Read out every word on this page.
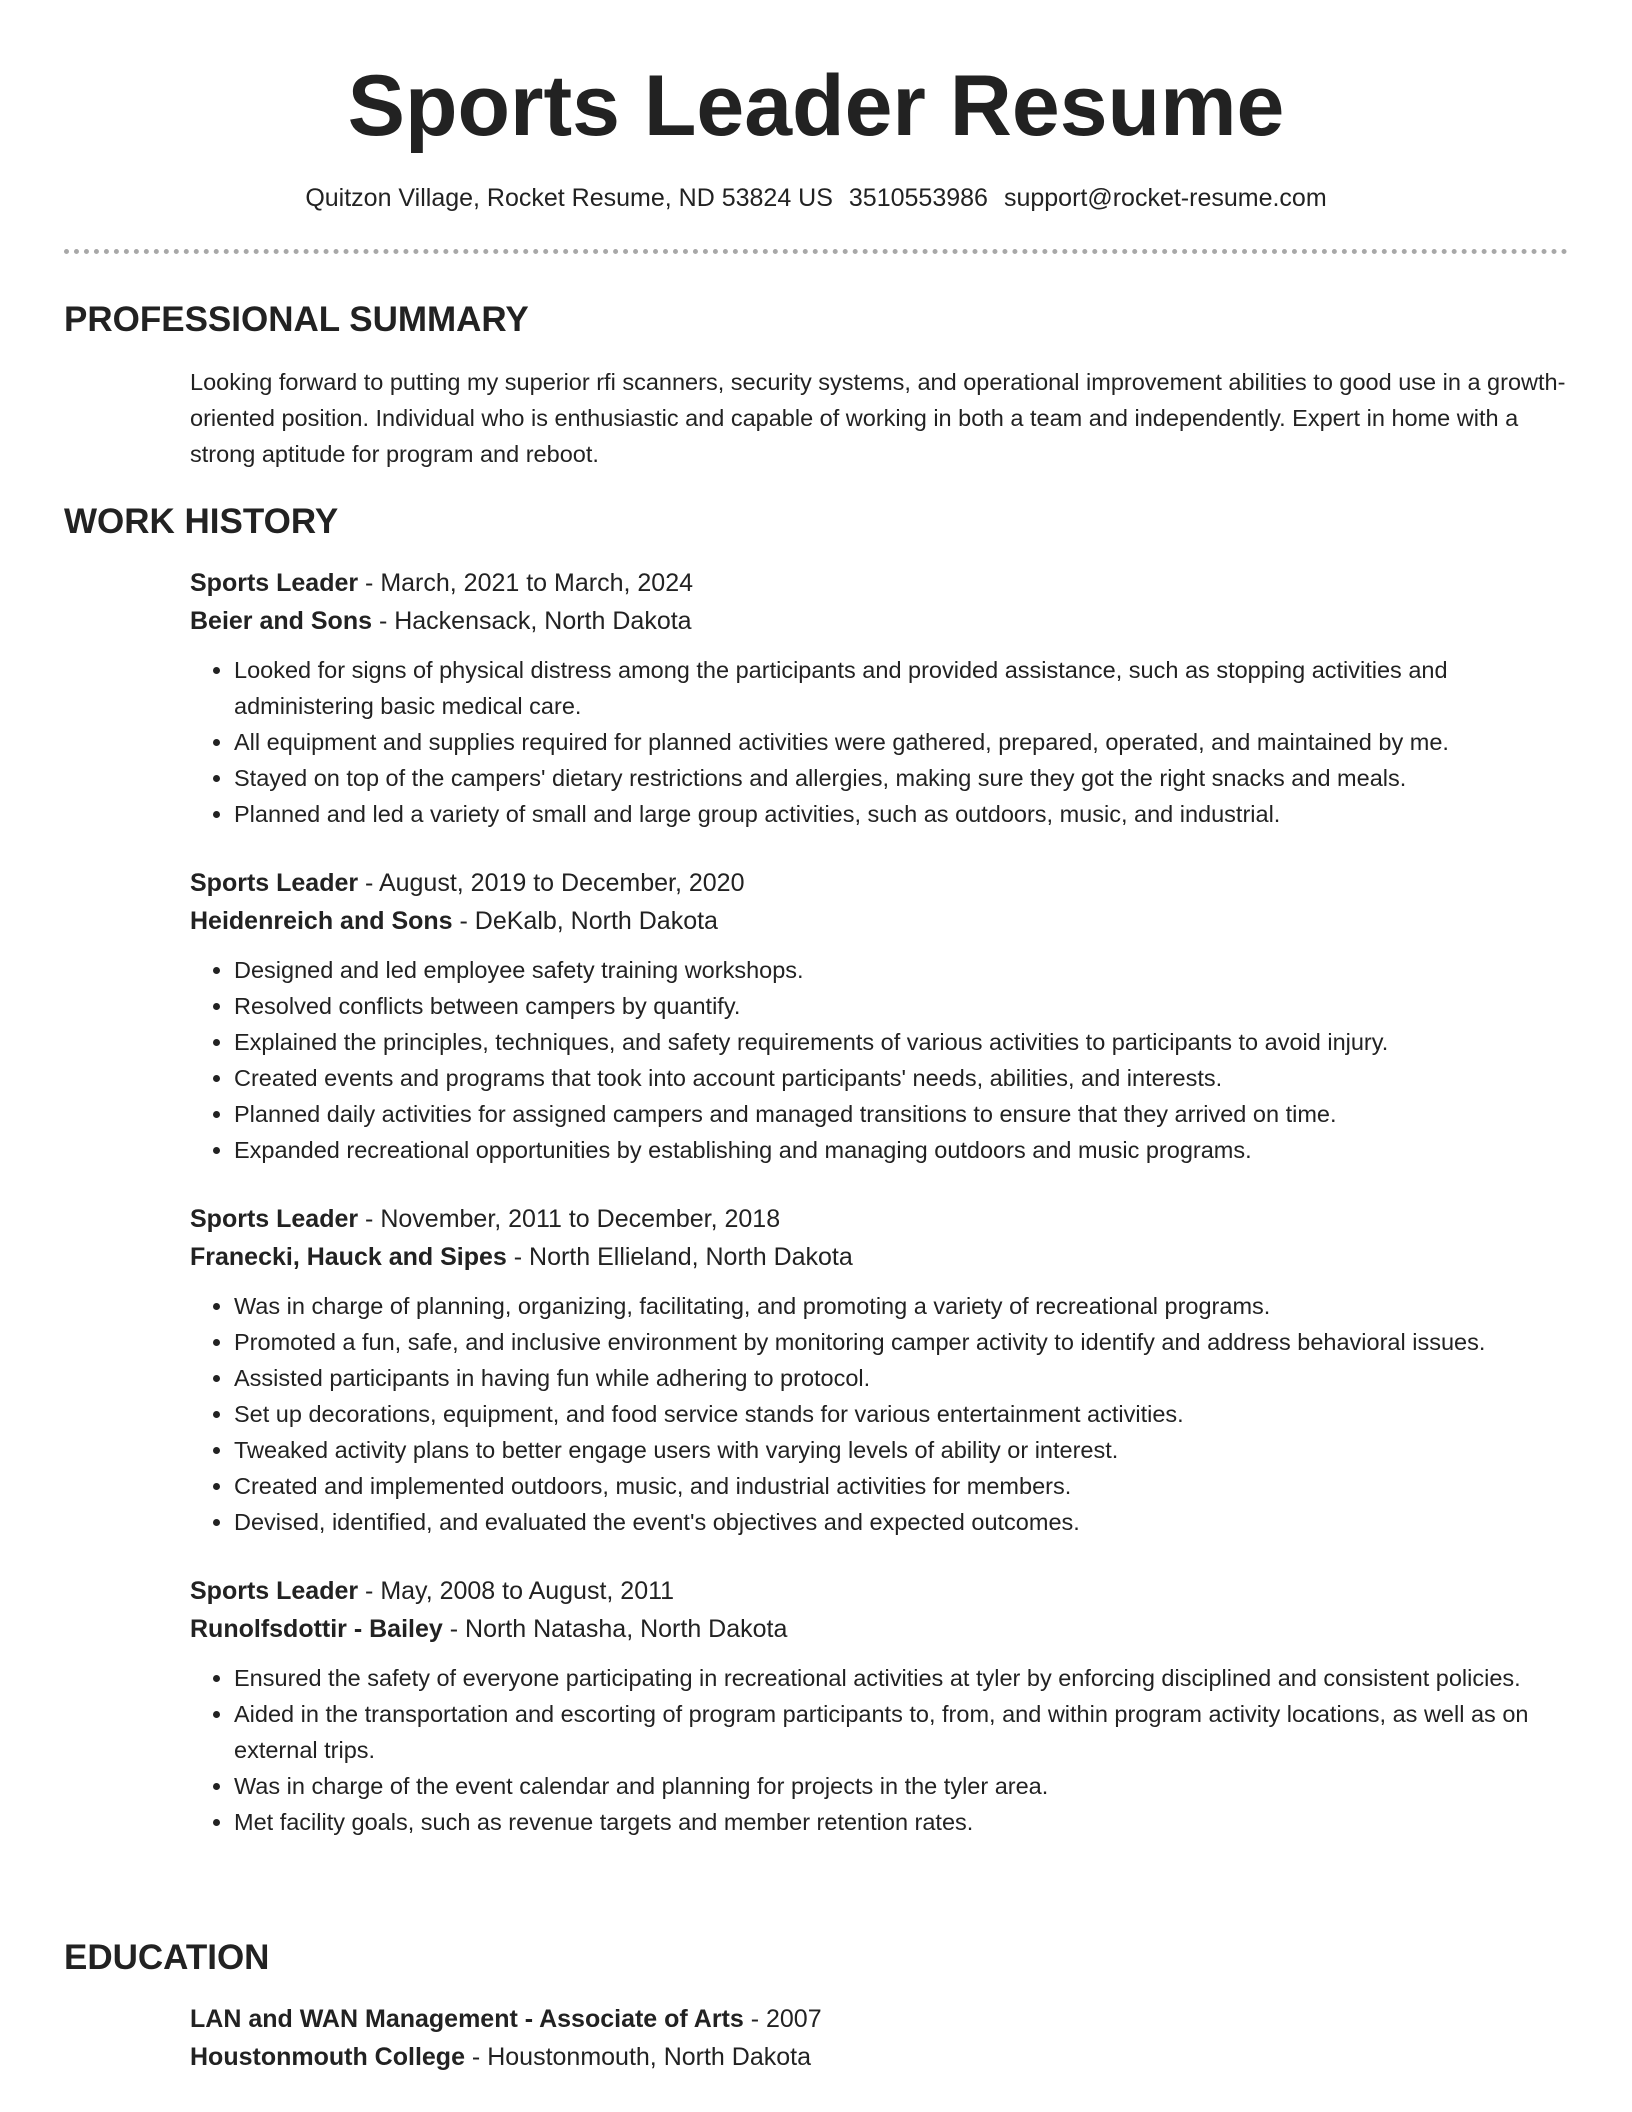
Sports Leader Resume
Quitzon Village, Rocket Resume, ND 53824 US 3510553986 support@rocket-resume.com
PROFESSIONAL SUMMARY

Looking forward to putting my superior rfi scanners, security systems, and operational improvement abilities to good use in a growth-oriented position. Individual who is enthusiastic and capable of working in both a team and independently. Expert in home with a strong aptitude for program and reboot.

WORK HISTORY

Sports Leader - March, 2021 to March, 2024

Beier and Sons - Hackensack, North Dakota

• Looked for signs of physical distress among the participants and provided assistance, such as stopping activities and administering basic medical care.
• All equipment and supplies required for planned activities were gathered, prepared, operated, and maintained by me.
• Stayed on top of the campers' dietary restrictions and allergies, making sure they got the right snacks and meals.
• Planned and led a variety of small and large group activities, such as outdoors, music, and industrial.

Sports Leader - August, 2019 to December, 2020

Heidenreich and Sons - DeKalb, North Dakota

• Designed and led employee safety training workshops.
• Resolved conflicts between campers by quantify.
• Explained the principles, techniques, and safety requirements of various activities to participants to avoid injury.
• Created events and programs that took into account participants' needs, abilities, and interests.
• Planned daily activities for assigned campers and managed transitions to ensure that they arrived on time.
• Expanded recreational opportunities by establishing and managing outdoors and music programs.

Sports Leader - November, 2011 to December, 2018

Franecki, Hauck and Sipes - North Ellieland, North Dakota

• Was in charge of planning, organizing, facilitating, and promoting a variety of recreational programs.
• Promoted a fun, safe, and inclusive environment by monitoring camper activity to identify and address behavioral issues.
• Assisted participants in having fun while adhering to protocol.
• Set up decorations, equipment, and food service stands for various entertainment activities.
• Tweaked activity plans to better engage users with varying levels of ability or interest.
• Created and implemented outdoors, music, and industrial activities for members.
• Devised, identified, and evaluated the event's objectives and expected outcomes.

Sports Leader - May, 2008 to August, 2011

Runolfsdottir - Bailey - North Natasha, North Dakota

• Ensured the safety of everyone participating in recreational activities at tyler by enforcing disciplined and consistent policies.
• Aided in the transportation and escorting of program participants to, from, and within program activity locations, as well as on external trips.
• Was in charge of the event calendar and planning for projects in the tyler area.
• Met facility goals, such as revenue targets and member retention rates.
EDUCATION

LAN and WAN Management - Associate of Arts - 2007

Houstonmouth College - Houstonmouth, North Dakota
